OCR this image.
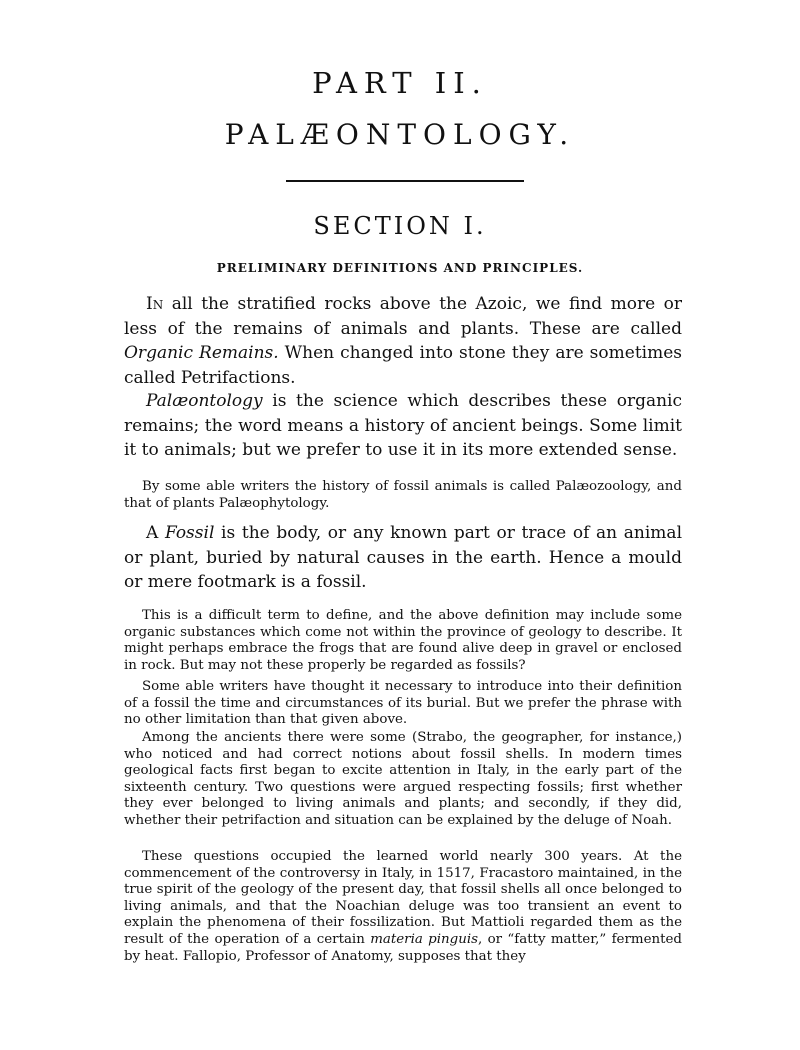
PART II.
PALÆONTOLOGY.
SECTION I.
PRELIMINARY DEFINITIONS AND PRINCIPLES.

In all the stratified rocks above the Azoic, we find more or less of the remains of animals and plants. These are called Organic Remains. When changed into stone they are sometimes called Petrifactions.

Palæontology is the science which describes these organic remains; the word means a history of ancient beings. Some limit it to animals; but we prefer to use it in its more extended sense.

By some able writers the history of fossil animals is called Palæozoology, and that of plants Palæophytology.

A Fossil is the body, or any known part or trace of an animal or plant, buried by natural causes in the earth. Hence a mould or mere footmark is a fossil.

This is a difficult term to define, and the above definition may include some organic substances which come not within the province of geology to describe. It might perhaps embrace the frogs that are found alive deep in gravel or enclosed in rock. But may not these properly be regarded as fossils?

Some able writers have thought it necessary to introduce into their definition of a fossil the time and circumstances of its burial. But we prefer the phrase with no other limitation than that given above.

Among the ancients there were some (Strabo, the geographer, for instance,) who noticed and had correct notions about fossil shells. In modern times geological facts first began to excite attention in Italy, in the early part of the sixteenth century. Two questions were argued respecting fossils; first whether they ever belonged to living animals and plants; and secondly, if they did, whether their petrifaction and situation can be explained by the deluge of Noah.

These questions occupied the learned world nearly 300 years. At the commencement of the controversy in Italy, in 1517, Fracastoro maintained, in the true spirit of the geology of the present day, that fossil shells all once belonged to living animals, and that the Noachian deluge was too transient an event to explain the phenomena of their fossilization. But Mattioli regarded them as the result of the operation of a certain materia pinguis, or “fatty matter,” fermented by heat. Fallopio, Professor of Anatomy, supposes that they
